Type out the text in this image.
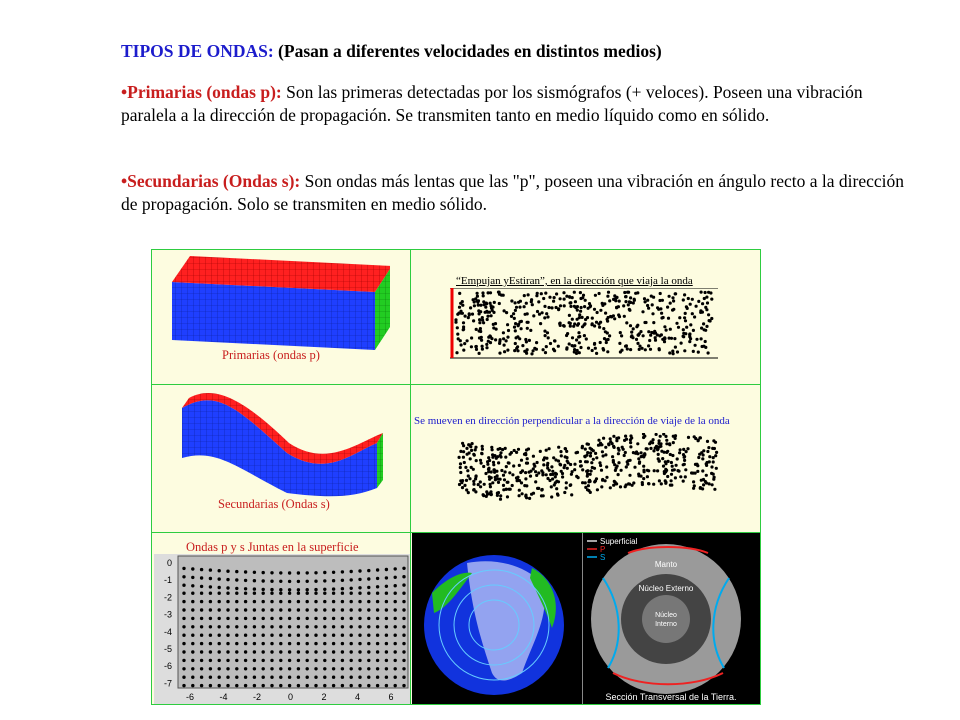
TIPOS DE ONDAS: (Pasan a diferentes velocidades en distintos medios)
•Primarias (ondas p): Son las primeras detectadas por los sismógrafos (+ veloces). Poseen una vibración paralela a la dirección de propagación. Se transmiten tanto en medio líquido como en sólido.
•Secundarias (Ondas s): Son ondas más lentas que las "p", poseen una vibración en ángulo recto a la dirección de propagación. Solo se transmiten en medio sólido.
Primarias (ondas p)
“Empujan yEstiran”, en la dirección que viaja la onda
Secundarias (Ondas s)
Se mueven en dirección perpendicular a la dirección de viaje de la onda
Ondas p y s Juntas en la superficie
0
-1
-2
-3
-4
-5
-6
-7
-6	-4	-2	0	2	4	6
Superficial
P
S
Manto
Núcleo Externo
Núcleo
Interno
Sección Transversal de la Tierra.
